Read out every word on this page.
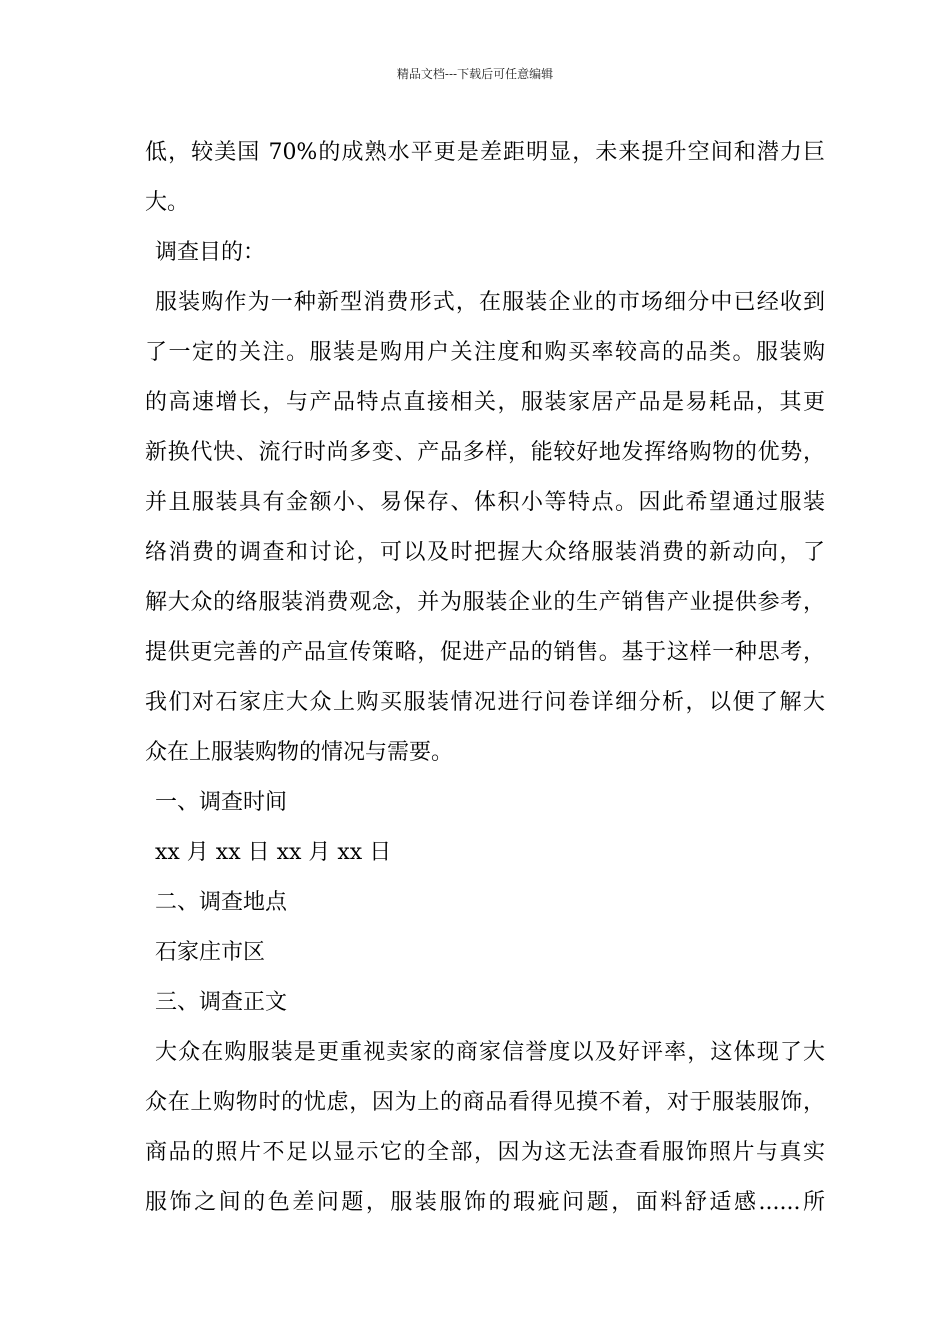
精品文档---下载后可任意编辑
低，较美国 70%的成熟水平更是差距明显，未来提升空间和潜力巨
大。
调查目的：
服装购作为一种新型消费形式，在服装企业的市场细分中已经收到
了一定的关注。服装是购用户关注度和购买率较高的品类。服装购
的高速增长，与产品特点直接相关，服装家居产品是易耗品，其更
新换代快、流行时尚多变、产品多样，能较好地发挥络购物的优势，
并且服装具有金额小、易保存、体积小等特点。因此希望通过服装
络消费的调查和讨论，可以及时把握大众络服装消费的新动向，了
解大众的络服装消费观念，并为服装企业的生产销售产业提供参考，
提供更完善的产品宣传策略，促进产品的销售。基于这样一种思考，
我们对石家庄大众上购买服装情况进行问卷详细分析，以便了解大
众在上服装购物的情况与需要。
一、调查时间
xx 月 xx 日 xx 月 xx 日
二、调查地点
石家庄市区
三、调查正文
大众在购服装是更重视卖家的商家信誉度以及好评率，这体现了大
众在上购物时的忧虑，因为上的商品看得见摸不着，对于服装服饰，
商品的照片不足以显示它的全部，因为这无法查看服饰照片与真实
服饰之间的色差问题，服装服饰的瑕疵问题，面料舒适感......所
